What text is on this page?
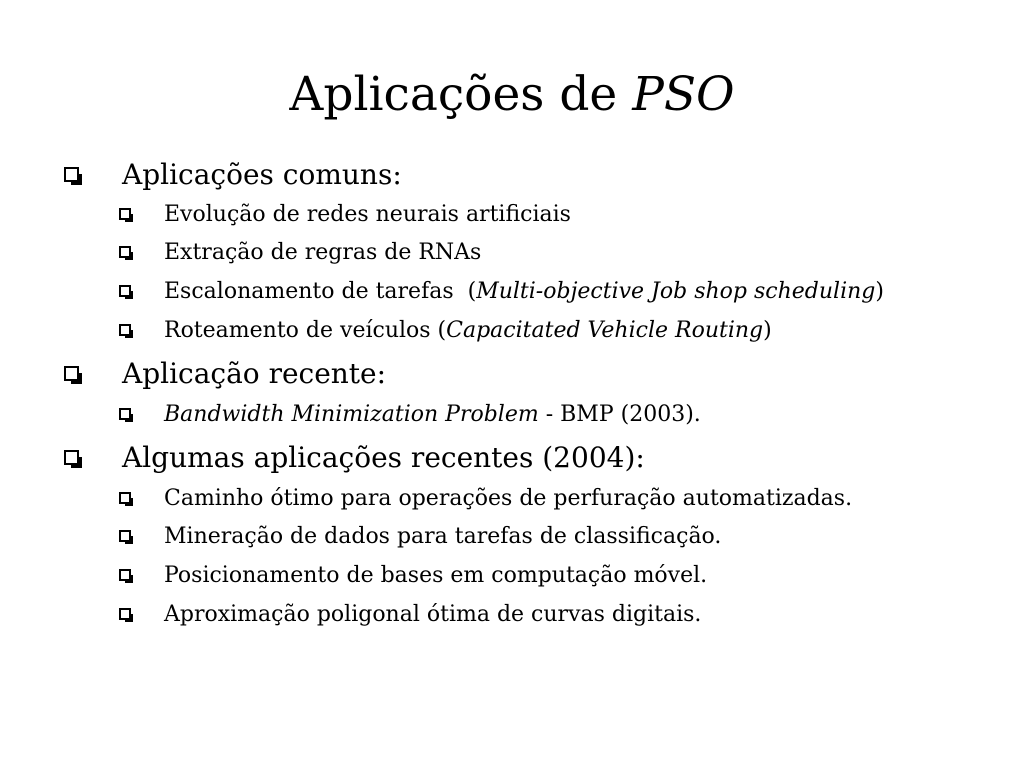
Aplicações de PSO
Aplicações comuns:
Evolução de redes neurais artificiais
Extração de regras de RNAs
Escalonamento de tarefas  (Multi-objective Job shop scheduling)
Roteamento de veículos (Capacitated Vehicle Routing)
Aplicação recente:
Bandwidth Minimization Problem - BMP (2003).
Algumas aplicações recentes (2004):
Caminho ótimo para operações de perfuração automatizadas.
Mineração de dados para tarefas de classificação.
Posicionamento de bases em computação móvel.
Aproximação poligonal ótima de curvas digitais.
